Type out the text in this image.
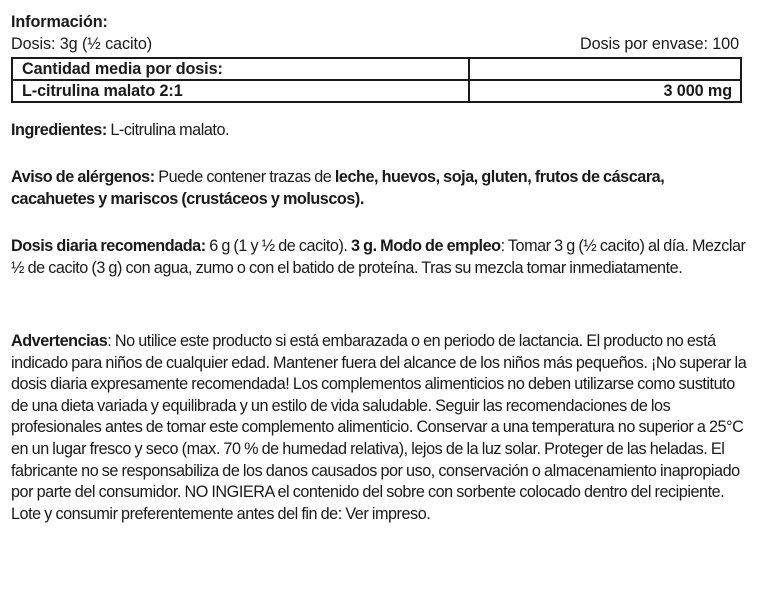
Información:
Dosis: 3g (½ cacito)	Dosis por envase: 100
Cantidad media por dosis:	
L-citrulina malato 2:1	3 000 mg
Ingredientes: L-citrulina malato.
Aviso de alérgenos: Puede contener trazas de leche, huevos, soja, gluten, frutos de cáscara, cacahuetes y mariscos (crustáceos y moluscos).
Dosis diaria recomendada: 6 g (1 y ½ de cacito). 3 g. Modo de empleo: Tomar 3 g (½ cacito) al día. Mezclar ½ de cacito (3 g) con agua, zumo o con el batido de proteína. Tras su mezcla tomar inmediatamente.
Advertencias: No utilice este producto si está embarazada o en periodo de lactancia. El producto no está indicado para niños de cualquier edad. Mantener fuera del alcance de los niños más pequeños. ¡No superar la dosis diaria expresamente recomendada! Los complementos alimenticios no deben utilizarse como sustituto de una dieta variada y equilibrada y un estilo de vida saludable. Seguir las recomendaciones de los profesionales antes de tomar este complemento alimenticio. Conservar a una temperatura no superior a 25°C en un lugar fresco y seco (max. 70 % de humedad relativa), lejos de la luz solar. Proteger de las heladas. El fabricante no se responsabiliza de los danos causados por uso, conservación o almacenamiento inapropiado por parte del consumidor. NO INGIERA el contenido del sobre con sorbente colocado dentro del recipiente. Lote y consumir preferentemente antes del fin de: Ver impreso.
